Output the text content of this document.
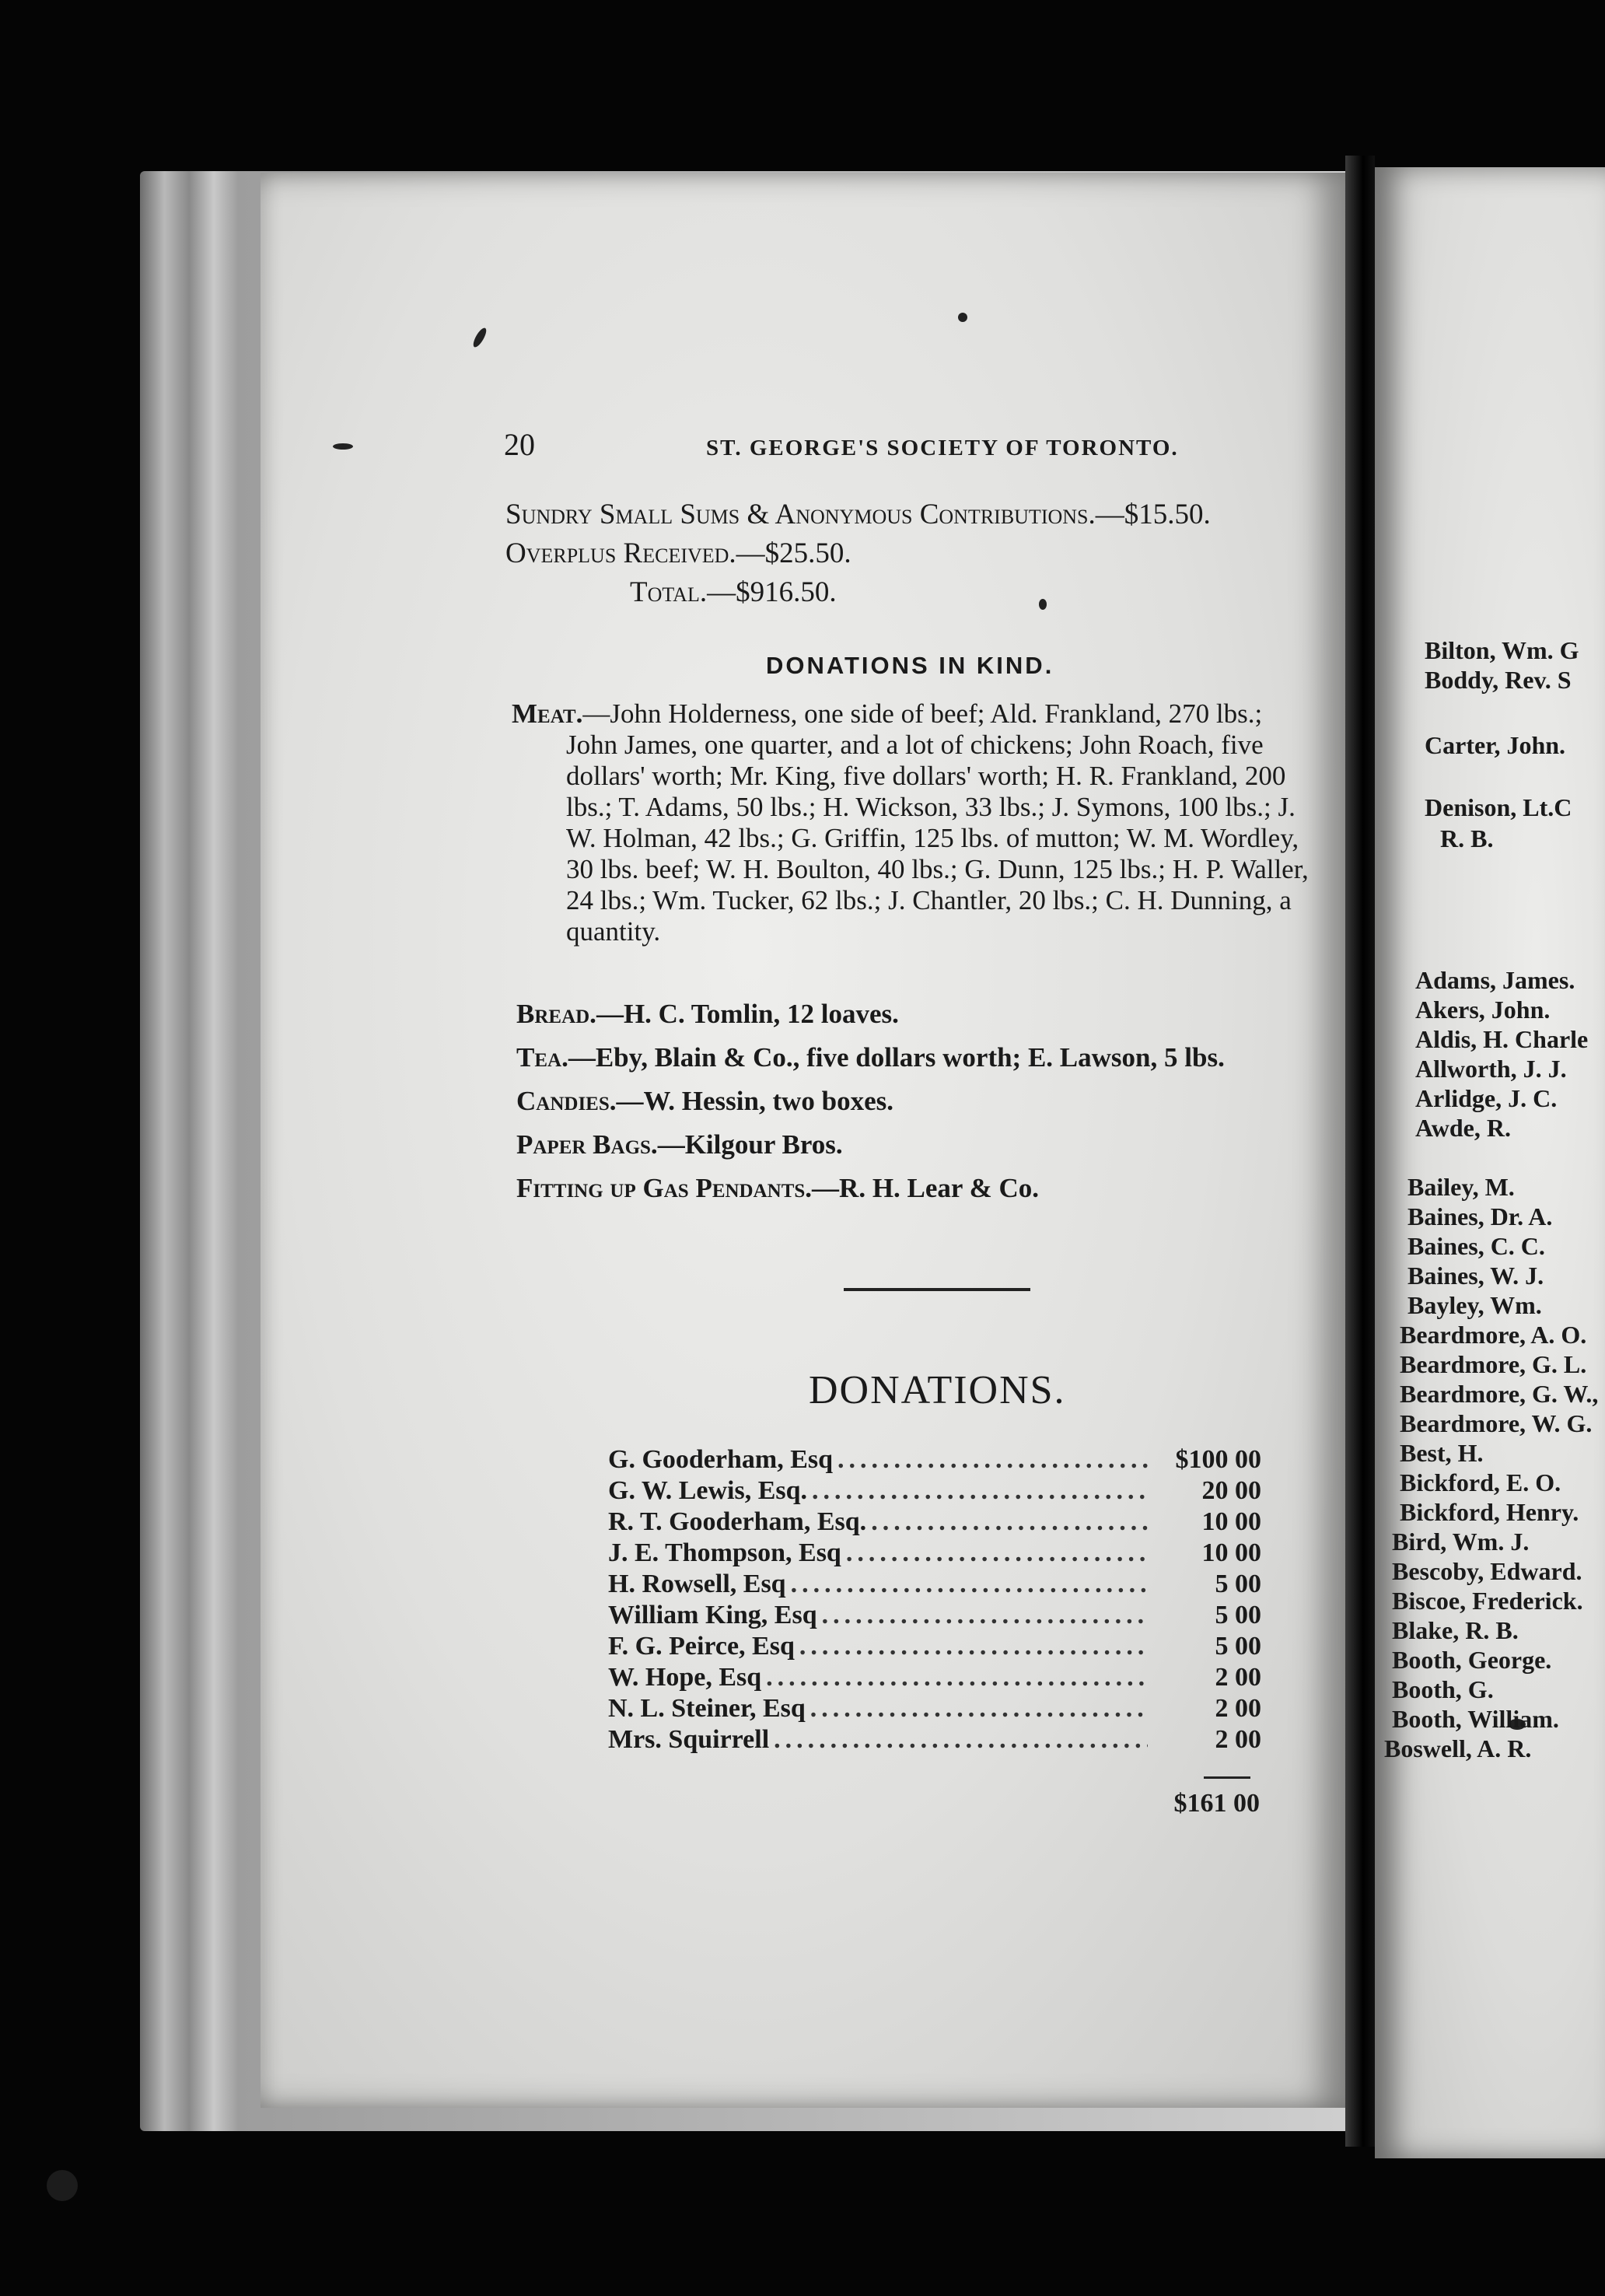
20	ST. GEORGE'S SOCIETY OF TORONTO.
Sundry Small Sums & Anonymous Contributions.—$15.50.
Overplus Received.—$25.50.
Total.—$916.50.
DONATIONS IN KIND.
Meat.—John Holderness, one side of beef; Ald. Frankland, 270 lbs.; John James, one quarter, and a lot of chickens; John Roach, five dollars' worth; Mr. King, five dollars' worth; H. R. Frankland, 200 lbs.; T. Adams, 50 lbs.; H. Wickson, 33 lbs.; J. Symons, 100 lbs.; J. W. Holman, 42 lbs.; G. Griffin, 125 lbs. of mutton; W. M. Wordley, 30 lbs. beef; W. H. Boulton, 40 lbs.; G. Dunn, 125 lbs.; H. P. Waller, 24 lbs.; Wm. Tucker, 62 lbs.; J. Chantler, 20 lbs.; C. H. Dunning, a quantity.
Bread.—H. C. Tomlin, 12 loaves.
Tea.—Eby, Blain & Co., five dollars worth; E. Lawson, 5 lbs.
Candies.—W. Hessin, two boxes.
Paper Bags.—Kilgour Bros.
Fitting up Gas Pendants.—R. H. Lear & Co.
DONATIONS.
G. Gooderham, Esq .....	$100 00
G. W. Lewis, Esq. .....	20 00
R. T. Gooderham, Esq. .....	10 00
J. E. Thompson, Esq .....	10 00
H. Rowsell, Esq .....	5 00
William King, Esq .....	5 00
F. G. Peirce, Esq .....	5 00
W. Hope, Esq .....	2 00
N. L. Steiner, Esq .....	2 00
Mrs. Squirrell .....	2 00
$161 00
Bilton, Wm. G
Boddy, Rev. S
Carter, John.
Denison, Lt.C
R. B.
Adams, James.
Akers, John.
Aldis, H. Charle
Allworth, J. J.
Arlidge, J. C.
Awde, R.
Bailey, M.
Baines, Dr. A.
Baines, C. C.
Baines, W. J.
Bayley, Wm.
Beardmore, A. O.
Beardmore, G. L.
Beardmore, G. W.,
Beardmore, W. G.
Best, H.
Bickford, E. O.
Bickford, Henry.
Bird, Wm. J.
Bescoby, Edward.
Biscoe, Frederick.
Blake, R. B.
Booth, George.
Booth, G.
Booth, William.
Boswell, A. R.
